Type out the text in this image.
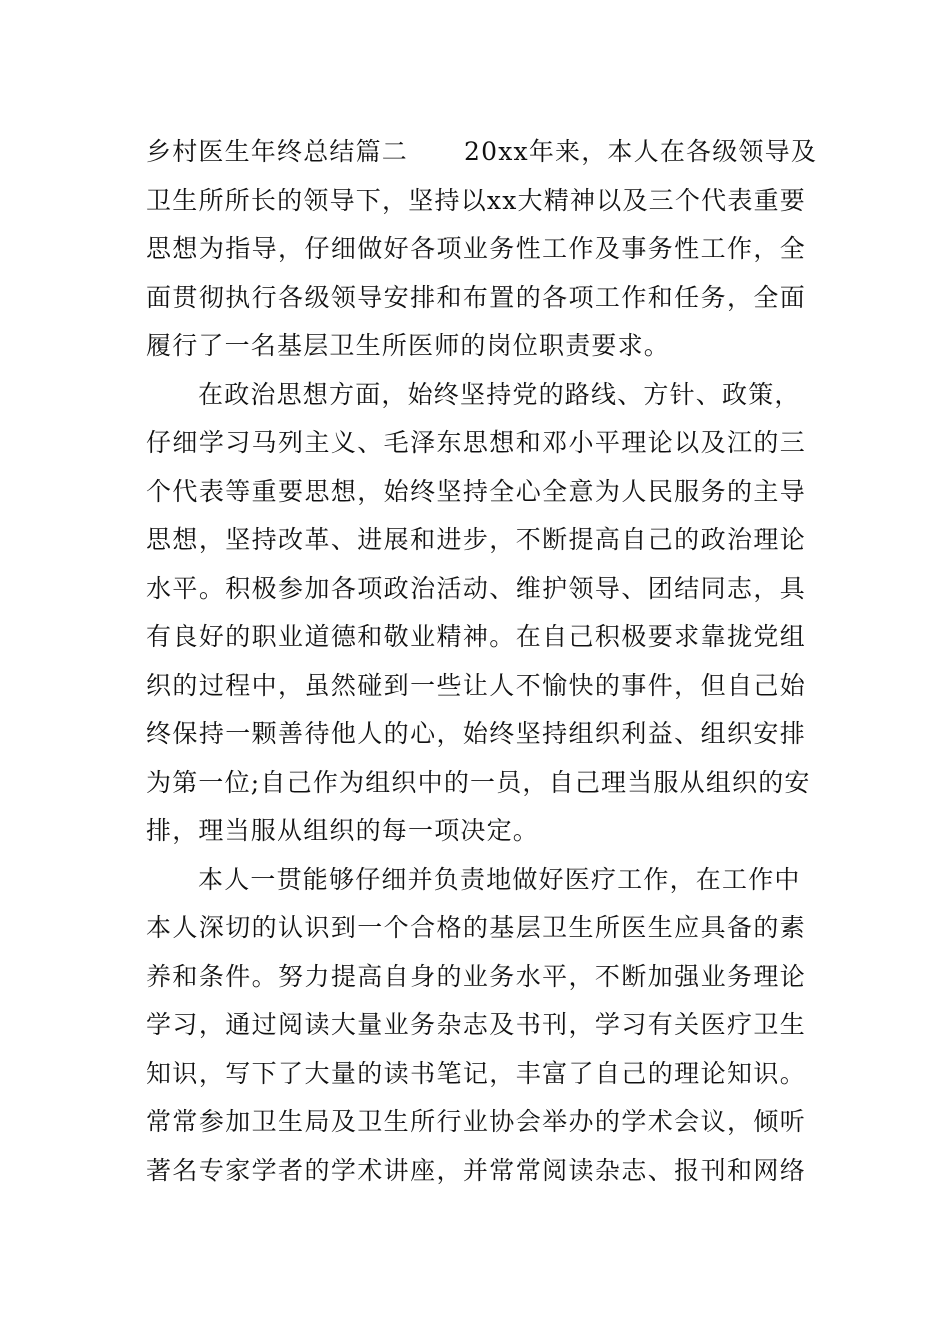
乡村医生年终总结篇二 20xx年来，本人在各级领导及
卫生所所长的领导下，坚持以xx大精神以及三个代表重要
思想为指导，仔细做好各项业务性工作及事务性工作，全
面贯彻执行各级领导安排和布置的各项工作和任务，全面
履行了一名基层卫生所医师的岗位职责要求。
在政治思想方面，始终坚持党的路线、方针、政策，
仔细学习马列主义、毛泽东思想和邓小平理论以及江的三
个代表等重要思想，始终坚持全心全意为人民服务的主导
思想，坚持改革、进展和进步，不断提高自己的政治理论
水平。积极参加各项政治活动、维护领导、团结同志，具
有良好的职业道德和敬业精神。在自己积极要求靠拢党组
织的过程中，虽然碰到一些让人不愉快的事件，但自己始
终保持一颗善待他人的心，始终坚持组织利益、组织安排
为第一位;自己作为组织中的一员，自己理当服从组织的安
排，理当服从组织的每一项决定。
本人一贯能够仔细并负责地做好医疗工作，在工作中
本人深切的认识到一个合格的基层卫生所医生应具备的素
养和条件。努力提高自身的业务水平，不断加强业务理论
学习，通过阅读大量业务杂志及书刊，学习有关医疗卫生
知识，写下了大量的读书笔记，丰富了自己的理论知识。
常常参加卫生局及卫生所行业协会举办的学术会议，倾听
著名专家学者的学术讲座，并常常阅读杂志、报刊和网络
